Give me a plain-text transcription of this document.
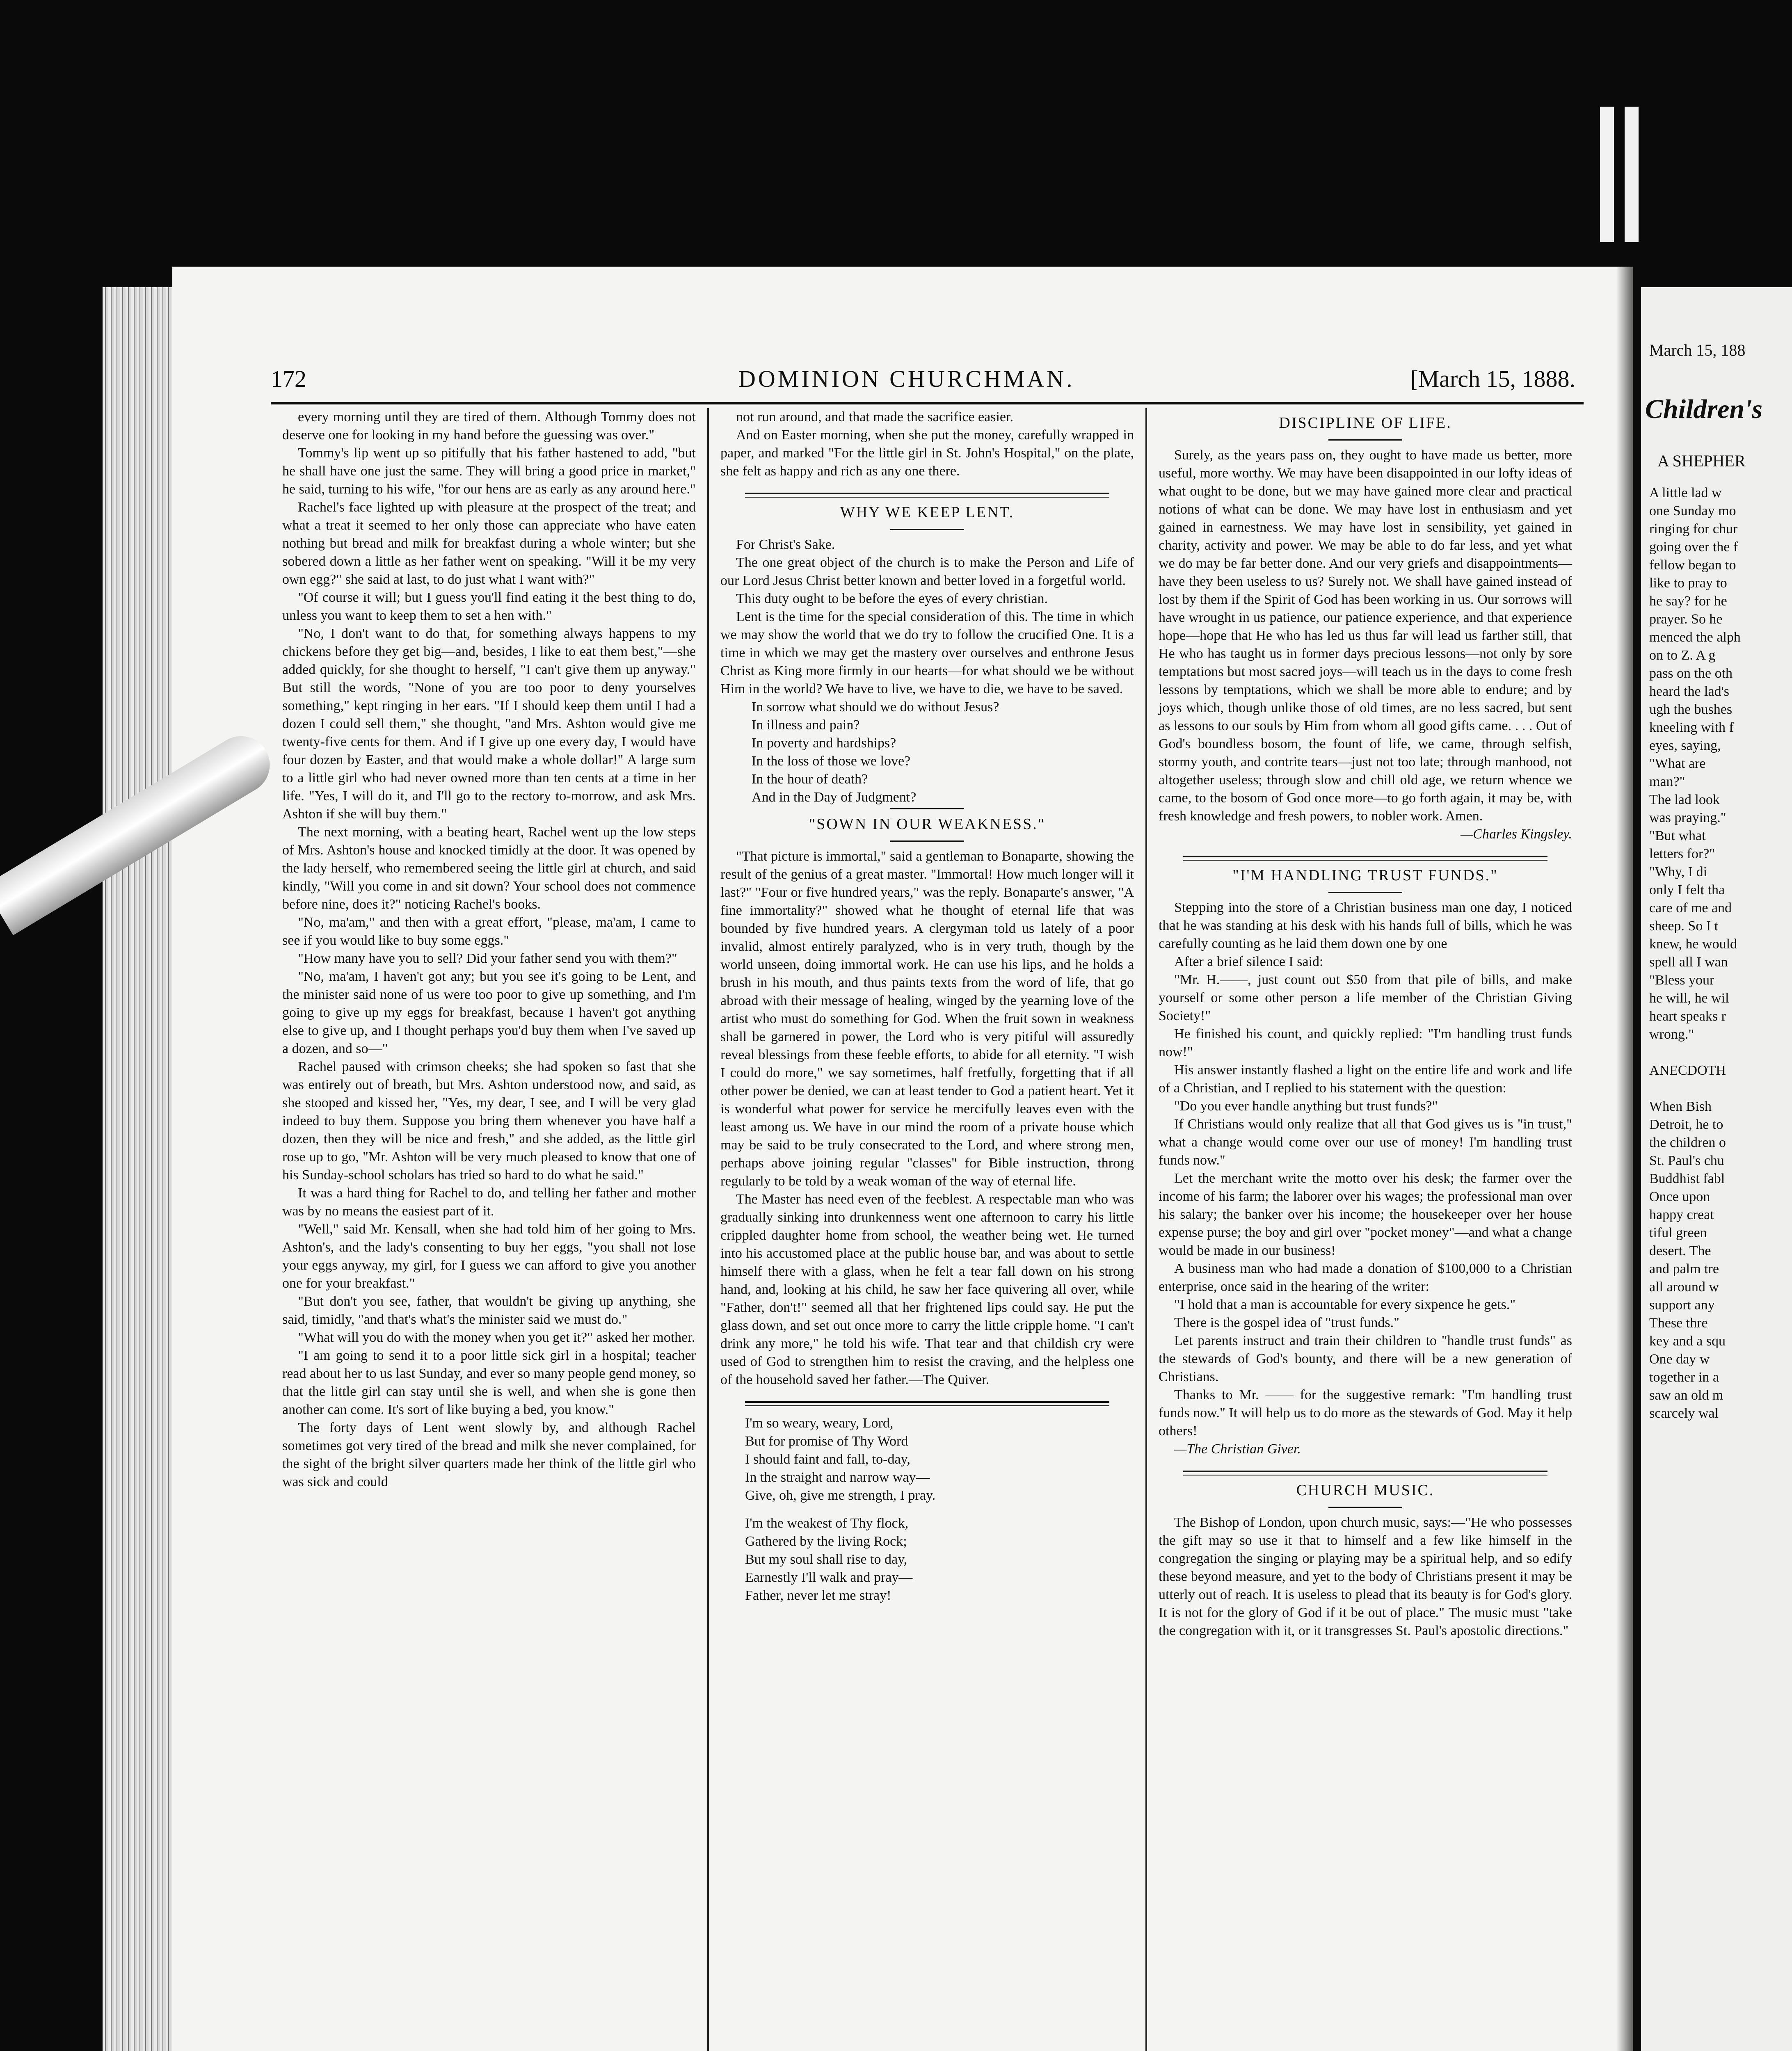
172	DOMINION CHURCHMAN.	[March 15, 1888.

every morning until they are tired of them. Although Tommy does not deserve one for looking in my hand before the guessing was over."

Tommy's lip went up so pitifully that his father hastened to add, "but he shall have one just the same. They will bring a good price in market," he said, turning to his wife, "for our hens are as early as any around here."

Rachel's face lighted up with pleasure at the prospect of the treat; and what a treat it seemed to her only those can appreciate who have eaten nothing but bread and milk for breakfast during a whole winter; but she sobered down a little as her father went on speaking. "Will it be my very own egg?" she said at last, to do just what I want with?"

"Of course it will; but I guess you'll find eating it the best thing to do, unless you want to keep them to set a hen with."

"No, I don't want to do that, for something always happens to my chickens before they get big—and, besides, I like to eat them best,"—she added quickly, for she thought to herself, "I can't give them up anyway." But still the words, "None of you are too poor to deny yourselves something," kept ringing in her ears. "If I should keep them until I had a dozen I could sell them," she thought, "and Mrs. Ashton would give me twenty-five cents for them. And if I give up one every day, I would have four dozen by Easter, and that would make a whole dollar!" A large sum to a little girl who had never owned more than ten cents at a time in her life. "Yes, I will do it, and I'll go to the rectory to-morrow, and ask Mrs. Ashton if she will buy them."

The next morning, with a beating heart, Rachel went up the low steps of Mrs. Ashton's house and knocked timidly at the door. It was opened by the lady herself, who remembered seeing the little girl at church, and said kindly, "Will you come in and sit down? Your school does not commence before nine, does it?" noticing Rachel's books.

"No, ma'am," and then with a great effort, "please, ma'am, I came to see if you would like to buy some eggs."

"How many have you to sell? Did your father send you with them?"

"No, ma'am, I haven't got any; but you see it's going to be Lent, and the minister said none of us were too poor to give up something, and I'm going to give up my eggs for breakfast, because I haven't got anything else to give up, and I thought perhaps you'd buy them when I've saved up a dozen, and so—"

Rachel paused with crimson cheeks; she had spoken so fast that she was entirely out of breath, but Mrs. Ashton understood now, and said, as she stooped and kissed her, "Yes, my dear, I see, and I will be very glad indeed to buy them. Suppose you bring them whenever you have half a dozen, then they will be nice and fresh," and she added, as the little girl rose up to go, "Mr. Ashton will be very much pleased to know that one of his Sunday-school scholars has tried so hard to do what he said."

It was a hard thing for Rachel to do, and telling her father and mother was by no means the easiest part of it.

"Well," said Mr. Kensall, when she had told him of her going to Mrs. Ashton's, and the lady's consenting to buy her eggs, "you shall not lose your eggs anyway, my girl, for I guess we can afford to give you another one for your breakfast."

"But don't you see, father, that wouldn't be giving up anything, she said, timidly, "and that's what's the minister said we must do."

"What will you do with the money when you get it?" asked her mother.

"I am going to send it to a poor little sick girl in a hospital; teacher read about her to us last Sunday, and ever so many people gend money, so that the little girl can stay until she is well, and when she is gone then another can come. It's sort of like buying a bed, you know."

The forty days of Lent went slowly by, and although Rachel sometimes got very tired of the bread and milk she never complained, for the sight of the bright silver quarters made her think of the little girl who was sick and could

not run around, and that made the sacrifice easier.

And on Easter morning, when she put the money, carefully wrapped in paper, and marked "For the little girl in St. John's Hospital," on the plate, she felt as happy and rich as any one there.

WHY WE KEEP LENT.

For Christ's Sake.

The one great object of the church is to make the Person and Life of our Lord Jesus Christ better known and better loved in a forgetful world.

This duty ought to be before the eyes of every christian.

Lent is the time for the special consideration of this. The time in which we may show the world that we do try to follow the crucified One. It is a time in which we may get the mastery over ourselves and enthrone Jesus Christ as King more firmly in our hearts—for what should we be without Him in the world? We have to live, we have to die, we have to be saved.

In sorrow what should we do without Jesus?

In illness and pain?

In poverty and hardships?

In the loss of those we love?

In the hour of death?

And in the Day of Judgment?

"SOWN IN OUR WEAKNESS."

"That picture is immortal," said a gentleman to Bonaparte, showing the result of the genius of a great master. "Immortal! How much longer will it last?" "Four or five hundred years," was the reply. Bonaparte's answer, "A fine immortality?" showed what he thought of eternal life that was bounded by five hundred years. A clergyman told us lately of a poor invalid, almost entirely paralyzed, who is in very truth, though by the world unseen, doing immortal work. He can use his lips, and he holds a brush in his mouth, and thus paints texts from the word of life, that go abroad with their message of healing, winged by the yearning love of the artist who must do something for God. When the fruit sown in weakness shall be garnered in power, the Lord who is very pitiful will assuredly reveal blessings from these feeble efforts, to abide for all eternity. "I wish I could do more," we say sometimes, half fretfully, forgetting that if all other power be denied, we can at least tender to God a patient heart. Yet it is wonderful what power for service he mercifully leaves even with the least among us. We have in our mind the room of a private house which may be said to be truly consecrated to the Lord, and where strong men, perhaps above joining regular "classes" for Bible instruction, throng regularly to be told by a weak woman of the way of eternal life.

The Master has need even of the feeblest. A respectable man who was gradually sinking into drunkenness went one afternoon to carry his little crippled daughter home from school, the weather being wet. He turned into his accustomed place at the public house bar, and was about to settle himself there with a glass, when he felt a tear fall down on his strong hand, and, looking at his child, he saw her face quivering all over, while "Father, don't!" seemed all that her frightened lips could say. He put the glass down, and set out once more to carry the little cripple home. "I can't drink any more," he told his wife. That tear and that childish cry were used of God to strengthen him to resist the craving, and the helpless one of the household saved her father.—The Quiver.

I'm so weary, weary, Lord,
But for promise of Thy Word
I should faint and fall, to-day,
In the straight and narrow way—
Give, oh, give me strength, I pray.
I'm the weakest of Thy flock,
Gathered by the living Rock;
But my soul shall rise to day,
Earnestly I'll walk and pray—
Father, never let me stray!
DISCIPLINE OF LIFE.

Surely, as the years pass on, they ought to have made us better, more useful, more worthy. We may have been disappointed in our lofty ideas of what ought to be done, but we may have gained more clear and practical notions of what can be done. We may have lost in enthusiasm and yet gained in earnestness. We may have lost in sensibility, yet gained in charity, activity and power. We may be able to do far less, and yet what we do may be far better done. And our very griefs and disappointments—have they been useless to us? Surely not. We shall have gained instead of lost by them if the Spirit of God has been working in us. Our sorrows will have wrought in us patience, our patience experience, and that experience hope—hope that He who has led us thus far will lead us farther still, that He who has taught us in former days precious lessons—not only by sore temptations but most sacred joys—will teach us in the days to come fresh lessons by temptations, which we shall be more able to endure; and by joys which, though unlike those of old times, are no less sacred, but sent as lessons to our souls by Him from whom all good gifts came. . . . Out of God's boundless bosom, the fount of life, we came, through selfish, stormy youth, and contrite tears—just not too late; through manhood, not altogether useless; through slow and chill old age, we return whence we came, to the bosom of God once more—to go forth again, it may be, with fresh knowledge and fresh powers, to nobler work. Amen.

—Charles Kingsley.

"I'M HANDLING TRUST FUNDS."

Stepping into the store of a Christian business man one day, I noticed that he was standing at his desk with his hands full of bills, which he was carefully counting as he laid them down one by one

After a brief silence I said:

"Mr. H.——, just count out $50 from that pile of bills, and make yourself or some other person a life member of the Christian Giving Society!"

He finished his count, and quickly replied: "I'm handling trust funds now!"

His answer instantly flashed a light on the entire life and work and life of a Christian, and I replied to his statement with the question:

"Do you ever handle anything but trust funds?"

If Christians would only realize that all that God gives us is "in trust," what a change would come over our use of money! I'm handling trust funds now."

Let the merchant write the motto over his desk; the farmer over the income of his farm; the laborer over his wages; the professional man over his salary; the banker over his income; the housekeeper over her house expense purse; the boy and girl over "pocket money"—and what a change would be made in our business!

A business man who had made a donation of $100,000 to a Christian enterprise, once said in the hearing of the writer:

"I hold that a man is accountable for every sixpence he gets."

There is the gospel idea of "trust funds."

Let parents instruct and train their children to "handle trust funds" as the stewards of God's bounty, and there will be a new generation of Christians.

Thanks to Mr. —— for the suggestive remark: "I'm handling trust funds now." It will help us to do more as the stewards of God. May it help others!

—The Christian Giver.

CHURCH MUSIC.

The Bishop of London, upon church music, says:—"He who possesses the gift may so use it that to himself and a few like himself in the congregation the singing or playing may be a spiritual help, and so edify these beyond measure, and yet to the body of Christians present it may be utterly out of reach. It is useless to plead that its beauty is for God's glory. It is not for the glory of God if it be out of place." The music must "take the congregation with it, or it transgresses St. Paul's apostolic directions."

March 15, 188
Children's
A SHEPHER
A little lad w
one Sunday mo
ringing for chur
going over the f
fellow began to
like to pray to
he say? for he
prayer. So he
menced the alph
on to Z. A g
pass on the oth
heard the lad's
ugh the bushes
kneeling with f
eyes, saying,
"What are
man?"
The lad look
was praying."
"But what
letters for?"
"Why, I di
only I felt tha
care of me and
sheep. So I t
knew, he would
spell all I wan
"Bless your
he will, he wil
heart speaks r
wrong."

ANECDOTH

When Bish
Detroit, he to
the children o
St. Paul's chu
Buddhist fabl
Once upon
happy creat
tiful green
desert. The
and palm tre
all around w
support any
These thre
key and a squ
One day w
together in a
saw an old m
scarcely wal
